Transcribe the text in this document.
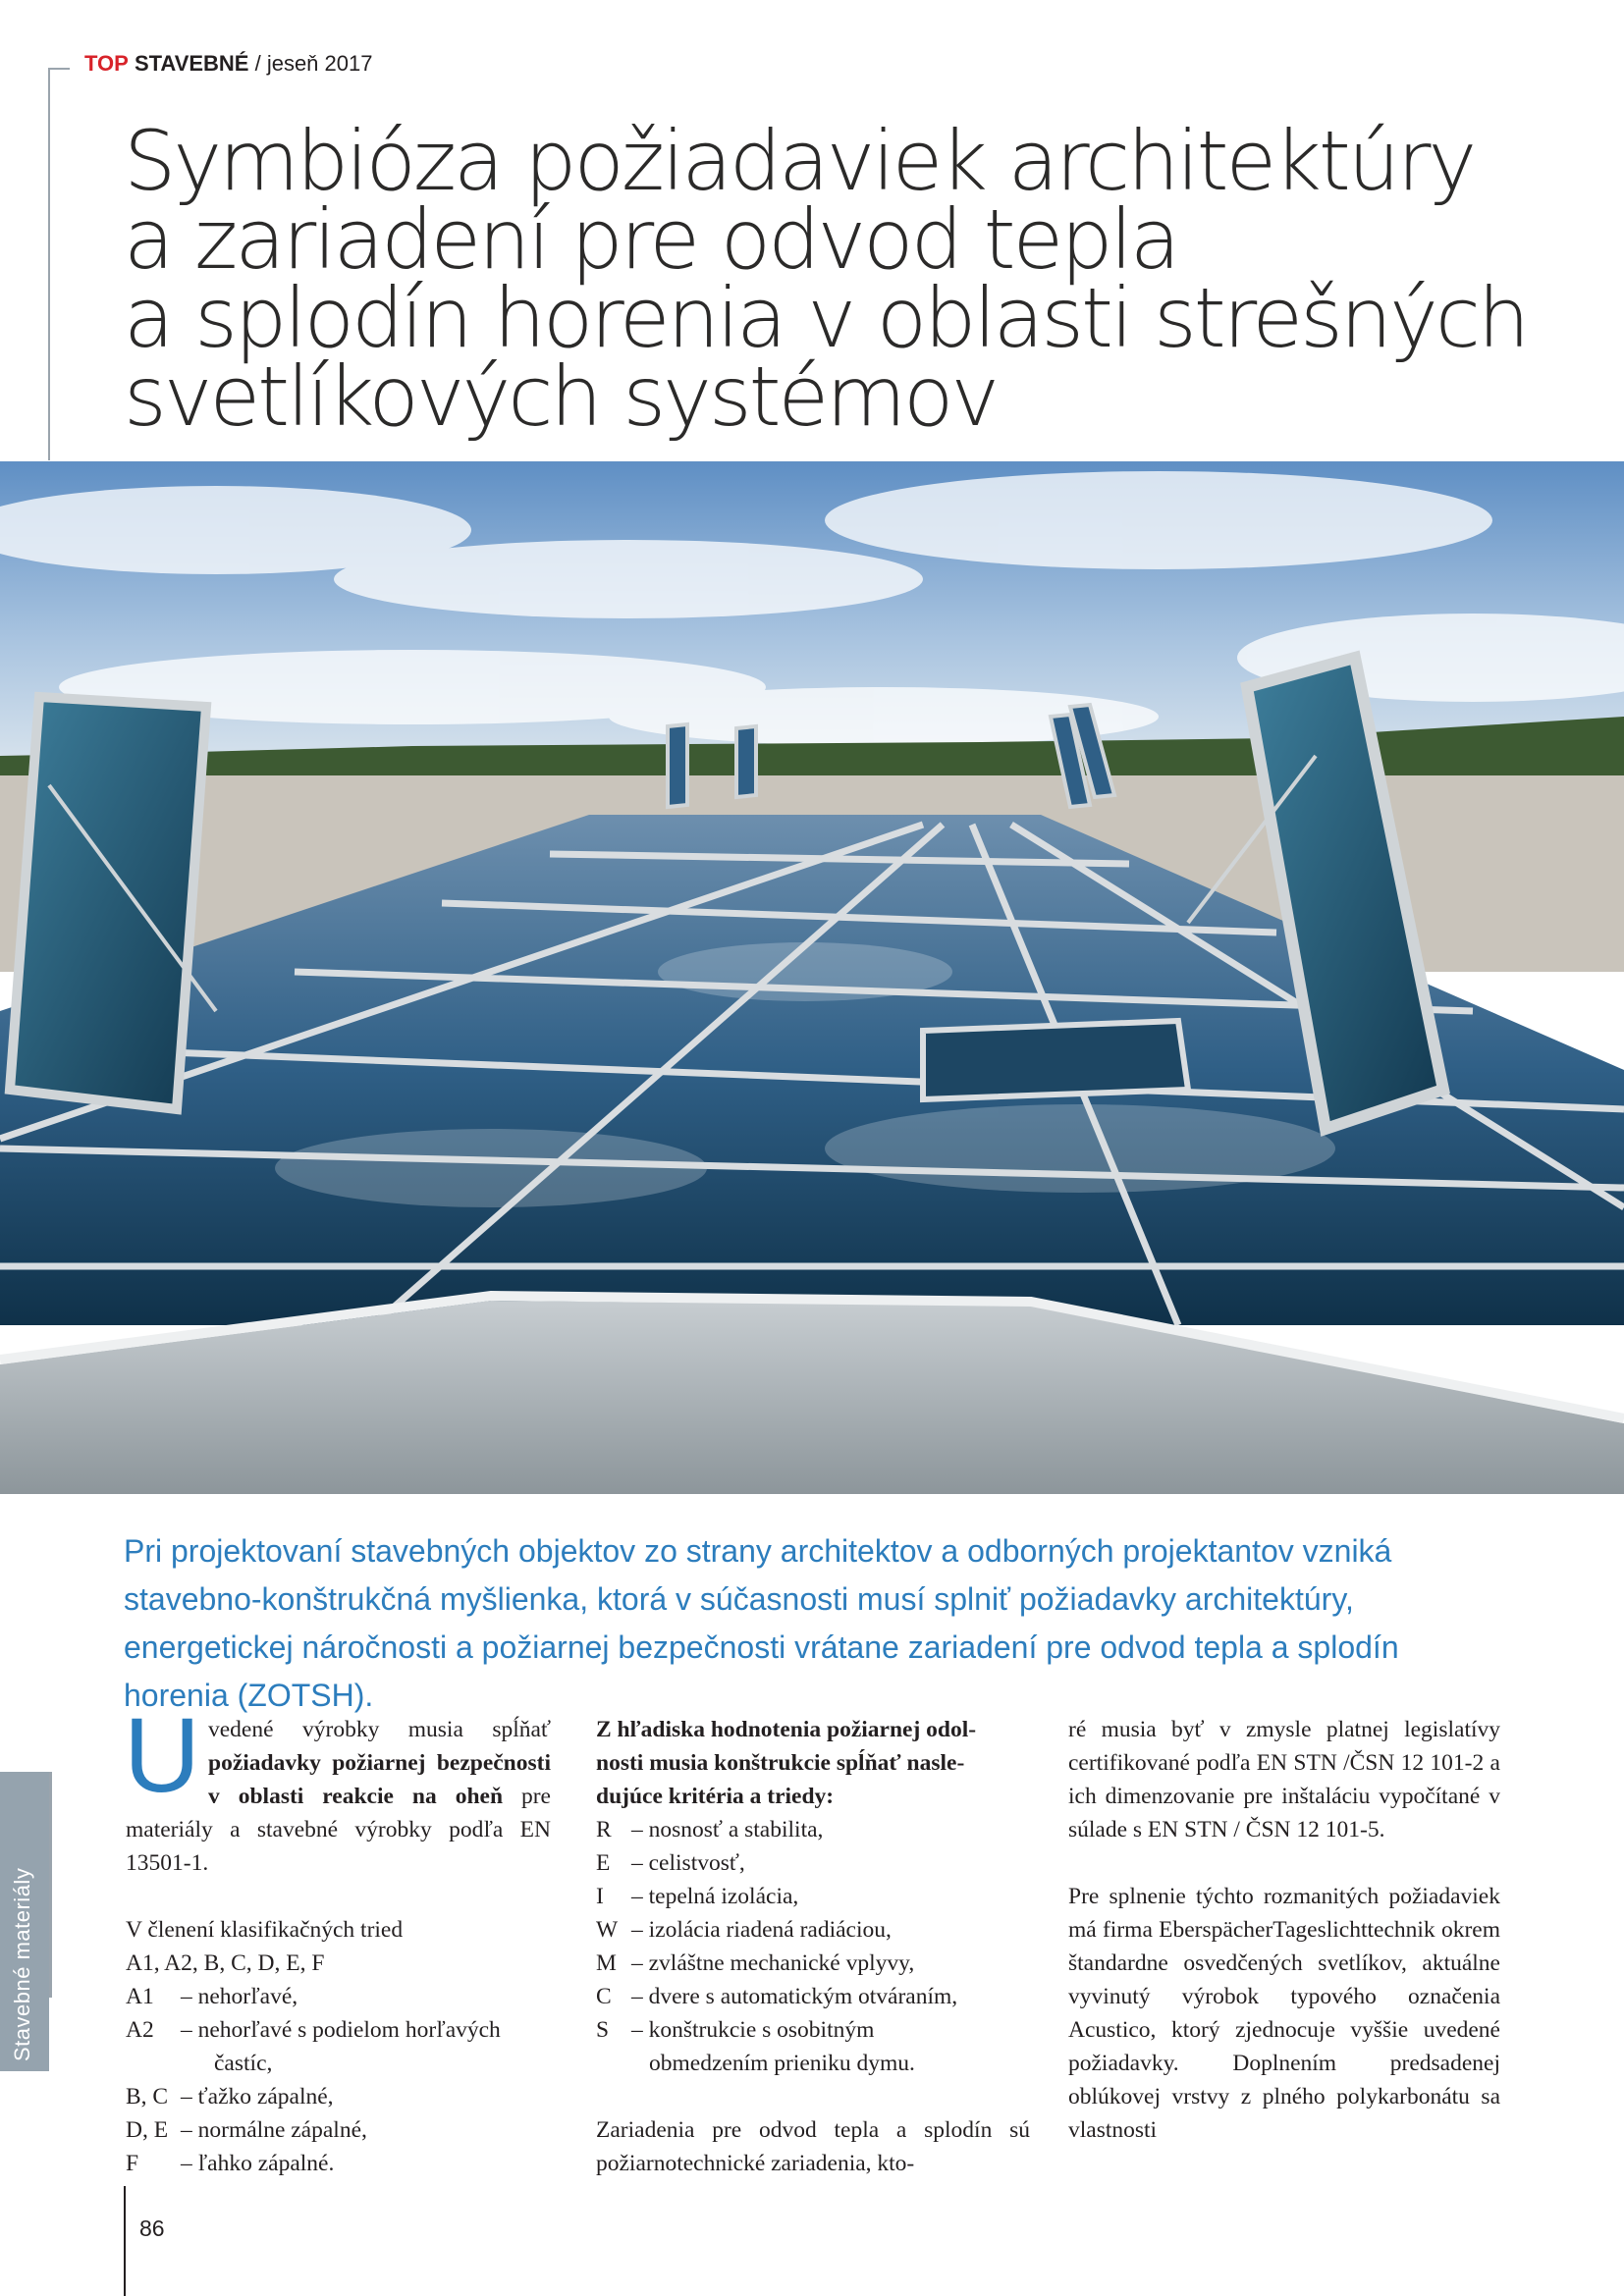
TOP STAVEBNÉ / jeseň 2017
Symbióza požiadaviek architektúry
a zariadení pre odvod tepla
a splodín horenia v oblasti strešných
svetlíkových systémov

Pri projektovaní stavebných objektov zo strany architektov a odborných projektantov vzniká stavebno-konštrukčná myšlienka, ktorá v súčasnosti musí splniť požiadavky architektúry, energetickej náročnosti a požiarnej bezpečnosti vrátane zariadení pre odvod tepla a splodín horenia (ZOTSH).

Stavebné materiály

Uvedené výrobky musia spĺňať požiadavky požiarnej bezpečnosti v oblasti reakcie na oheň pre materiály a stavebné výrobky podľa EN 13501-1.

V členení klasifikačných tried
A1, A2, B, C, D, E, F
A1	– nehorľavé,
A2	– nehorľavé s podielom horľavých
častíc,
B, C – ťažko zápalné,
D, E – normálne zápalné,
F	– ľahko zápalné.
Z hľadiska hodnotenia požiarnej odol-
nosti musia konštrukcie spĺňať nasle-
dujúce kritéria a triedy:
R – nosnosť a stabilita,
E – celistvosť,
I	– tepelná izolácia,
W – izolácia riadená radiáciou,
M – zvláštne mechanické vplyvy,
C – dvere s automatickým otváraním,
S – konštrukcie s osobitným
obmedzením prieniku dymu.

Zariadenia pre odvod tepla a splodín sú požiarnotechnické zariadenia, kto-

ré musia byť v zmysle platnej legislatívy certifikované podľa EN STN /ČSN 12 101-2 a ich dimenzovanie pre inštaláciu vypočítané v súlade s EN STN / ČSN 12 101-5.

Pre splnenie týchto rozmanitých požiadaviek má firma EberspächerTageslichttechnik okrem štandardne osvedčených svetlíkov, aktuálne vyvinutý výrobok typového označenia Acustico, ktorý zjednocuje vyššie uvedené požiadavky. Doplnením predsadenej oblúkovej vrstvy z plného polykarbonátu sa vlastnosti

86
